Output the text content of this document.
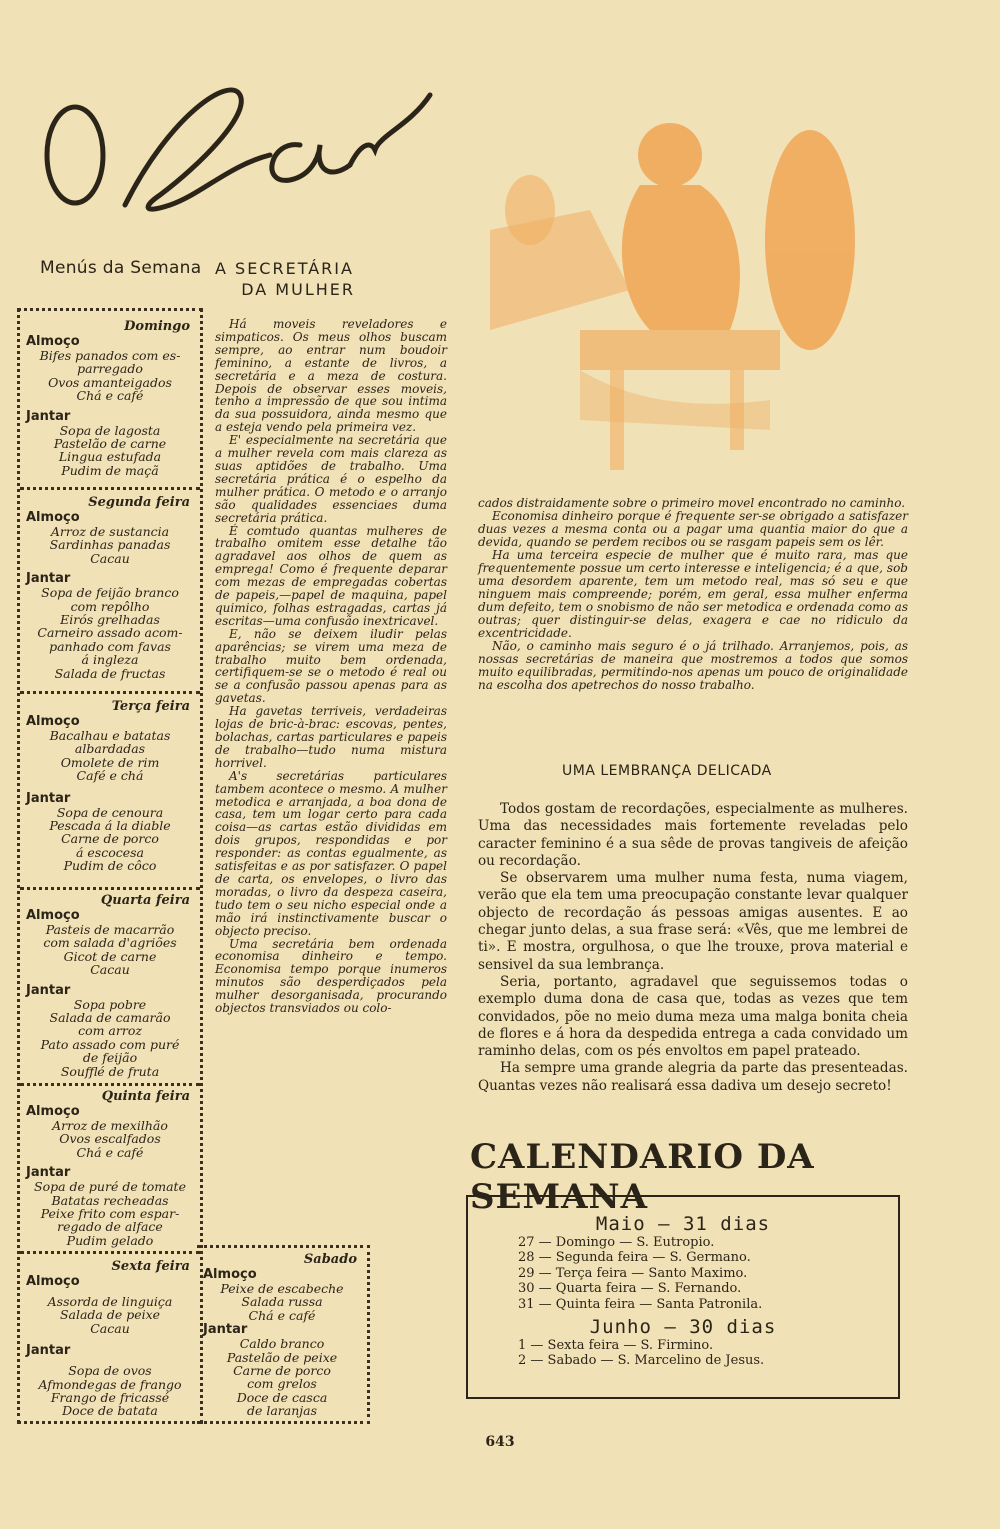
Menús da Semana
Domingo
Almoço
Bifes panados com es-
parregado
Ovos amanteigados
Chá e café
Jantar
Sopa de lagosta
Pastelão de carne
Lingua estufada
Pudim de maçã
Segunda feira
Almoço
Arroz de sustancia
Sardinhas panadas
Cacau
Jantar
Sopa de feijão branco
com repôlho
Eirós grelhadas
Carneiro assado acom-
panhado com favas
á ingleza
Salada de fructas
Terça feira
Almoço
Bacalhau e batatas
albardadas
Omolete de rim
Café e chá
Jantar
Sopa de cenoura
Pescada á la diable
Carne de porco
á escocesa
Pudim de côco
Quarta feira
Almoço
Pasteis de macarrão
com salada d'agriões
Gicot de carne
Cacau
Jantar
Sopa pobre
Salada de camarão
com arroz
Pato assado com puré
de feijão
Soufflé de fruta
Quinta feira
Almoço
Arroz de mexilhão
Ovos escalfados
Chá e café
Jantar
Sopa de puré de tomate
Batatas recheadas
Peixe frito com espar-
regado de alface
Pudim gelado
Sexta feira
Almoço
Assorda de linguiça
Salada de peixe
Cacau
Jantar
Sopa de ovos
Afmondegas de frango
Frango de fricassé
Doce de batata
Sabado
Almoço
Peixe de escabeche
Salada russa
Chá e café
Jantar
Caldo branco
Pastelão de peixe
Carne de porco
com grelos
Doce de casca
de laranjas
A SECRETÁRIA
DA MULHER

Há moveis reveladores e simpaticos. Os meus olhos buscam sempre, ao entrar num boudoir feminino, a estante de livros, a secretária e a meza de costura. Depois de observar esses moveis, tenho a impressão de que sou intima da sua possuidora, ainda mesmo que a esteja vendo pela primeira vez.

E' especialmente na secretária que a mulher revela com mais clareza as suas aptidões de trabalho. Uma secretária prática é o espelho da mulher prática. O metodo e o arranjo são qualidades essenciaes duma secretária prática.

É comtudo quantas mulheres de trabalho omitem esse detalhe tão agradavel aos olhos de quem as emprega! Como é frequente deparar com mezas de empregadas cobertas de papeis,—papel de maquina, papel quimico, folhas estragadas, cartas já escritas—uma confusão inextricavel.

E, não se deixem iludir pelas aparências; se virem uma meza de trabalho muito bem ordenada, certifiquem-se se o metodo é real ou se a confusão passou apenas para as gavetas.

Ha gavetas terriveis, verdadeiras lojas de bric-à-brac: escovas, pentes, bolachas, cartas particulares e papeis de trabalho—tudo numa mistura horrivel.

A's secretárias particulares tambem acontece o mesmo. A mulher metodica e arranjada, a boa dona de casa, tem um logar certo para cada coisa—as cartas estão divididas em dois grupos, respondidas e por responder: as contas egualmente, as satisfeitas e as por satisfazer. O papel de carta, os envelopes, o livro das moradas, o livro da despeza caseira, tudo tem o seu nicho especial onde a mão irá instinctivamente buscar o objecto preciso.

Uma secretária bem ordenada economisa dinheiro e tempo. Economisa tempo porque inumeros minutos são desperdiçados pela mulher desorganisada, procurando objectos transviados ou colo-

cados distraidamente sobre o primeiro movel encontrado no caminho.

Economisa dinheiro porque é frequente ser-se obrigado a satisfazer duas vezes a mesma conta ou a pagar uma quantia maior do que a devida, quando se perdem recibos ou se rasgam papeis sem os lêr.

Ha uma terceira especie de mulher que é muito rara, mas que frequentemente possue um certo interesse e inteligencia; é a que, sob uma desordem aparente, tem um metodo real, mas só seu e que ninguem mais compreende; porém, em geral, essa mulher enferma dum defeito, tem o snobismo de não ser metodica e ordenada como as outras; quer distinguir-se delas, exagera e cae no ridiculo da excentricidade.

Não, o caminho mais seguro é o já trilhado. Arranjemos, pois, as nossas secretárias de maneira que mostremos a todos que somos muito equilibradas, permitindo-nos apenas um pouco de originalidade na escolha dos apetrechos do nosso trabalho.

UMA LEMBRANÇA DELICADA

Todos gostam de recordações, especialmente as mulheres. Uma das necessidades mais fortemente reveladas pelo caracter feminino é a sua sêde de provas tangiveis de afeição ou recordação.

Se observarem uma mulher numa festa, numa viagem, verão que ela tem uma preocupação constante levar qualquer objecto de recordação ás pessoas amigas ausentes. E ao chegar junto delas, a sua frase será: «Vês, que me lembrei de ti». E mostra, orgulhosa, o que lhe trouxe, prova material e sensivel da sua lembrança.

Seria, portanto, agradavel que seguissemos todas o exemplo duma dona de casa que, todas as vezes que tem convidados, põe no meio duma meza uma malga bonita cheia de flores e á hora da despedida entrega a cada convidado um raminho delas, com os pés envoltos em papel prateado.

Ha sempre uma grande alegria da parte das presenteadas. Quantas vezes não realisará essa dadiva um desejo secreto!

CALENDARIO DA SEMANA
Maio — 31 dias
27 — Domingo — S. Eutropio.
28 — Segunda feira — S. Germano.
29 — Terça feira — Santo Maximo.
30 — Quarta feira — S. Fernando.
31 — Quinta feira — Santa Patronila.
Junho — 30 dias
1 — Sexta feira — S. Firmino.
2 — Sabado — S. Marcelino de Jesus.
643
